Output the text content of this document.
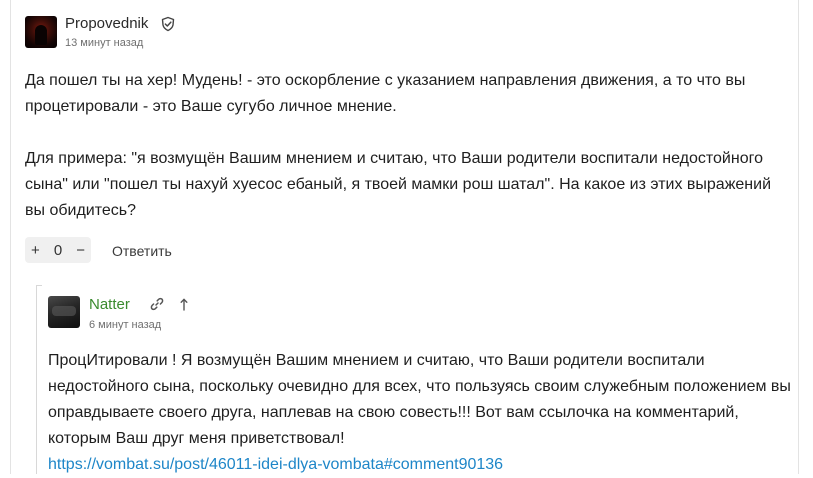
Propovednik
13 минут назад

Да пошел ты на хер! Мудень! - это оскорбление с указанием направления движения, а то что вы процетировали - это Ваше сугубо личное мнение.

Для примера: "я возмущён Вашим мнением и считаю, что Ваши родители воспитали недостойного сына" или "пошел ты нахуй хуесос ебаный, я твоей мамки рош шатал". На какое из этих выражений вы обидитесь?

+ 0 − Ответить
Natter
6 минут назад

ПроцИтировали ! Я возмущён Вашим мнением и считаю, что Ваши родители воспитали недостойного сына, поскольку очевидно для всех, что пользуясь своим служебным положением вы оправдываете своего друга, наплевав на свою совесть!!! Вот вам ссылочка на комментарий, которым Ваш друг меня приветствовал!

https://vombat.su/post/46011-idei-dlya-vombata#comment90136
